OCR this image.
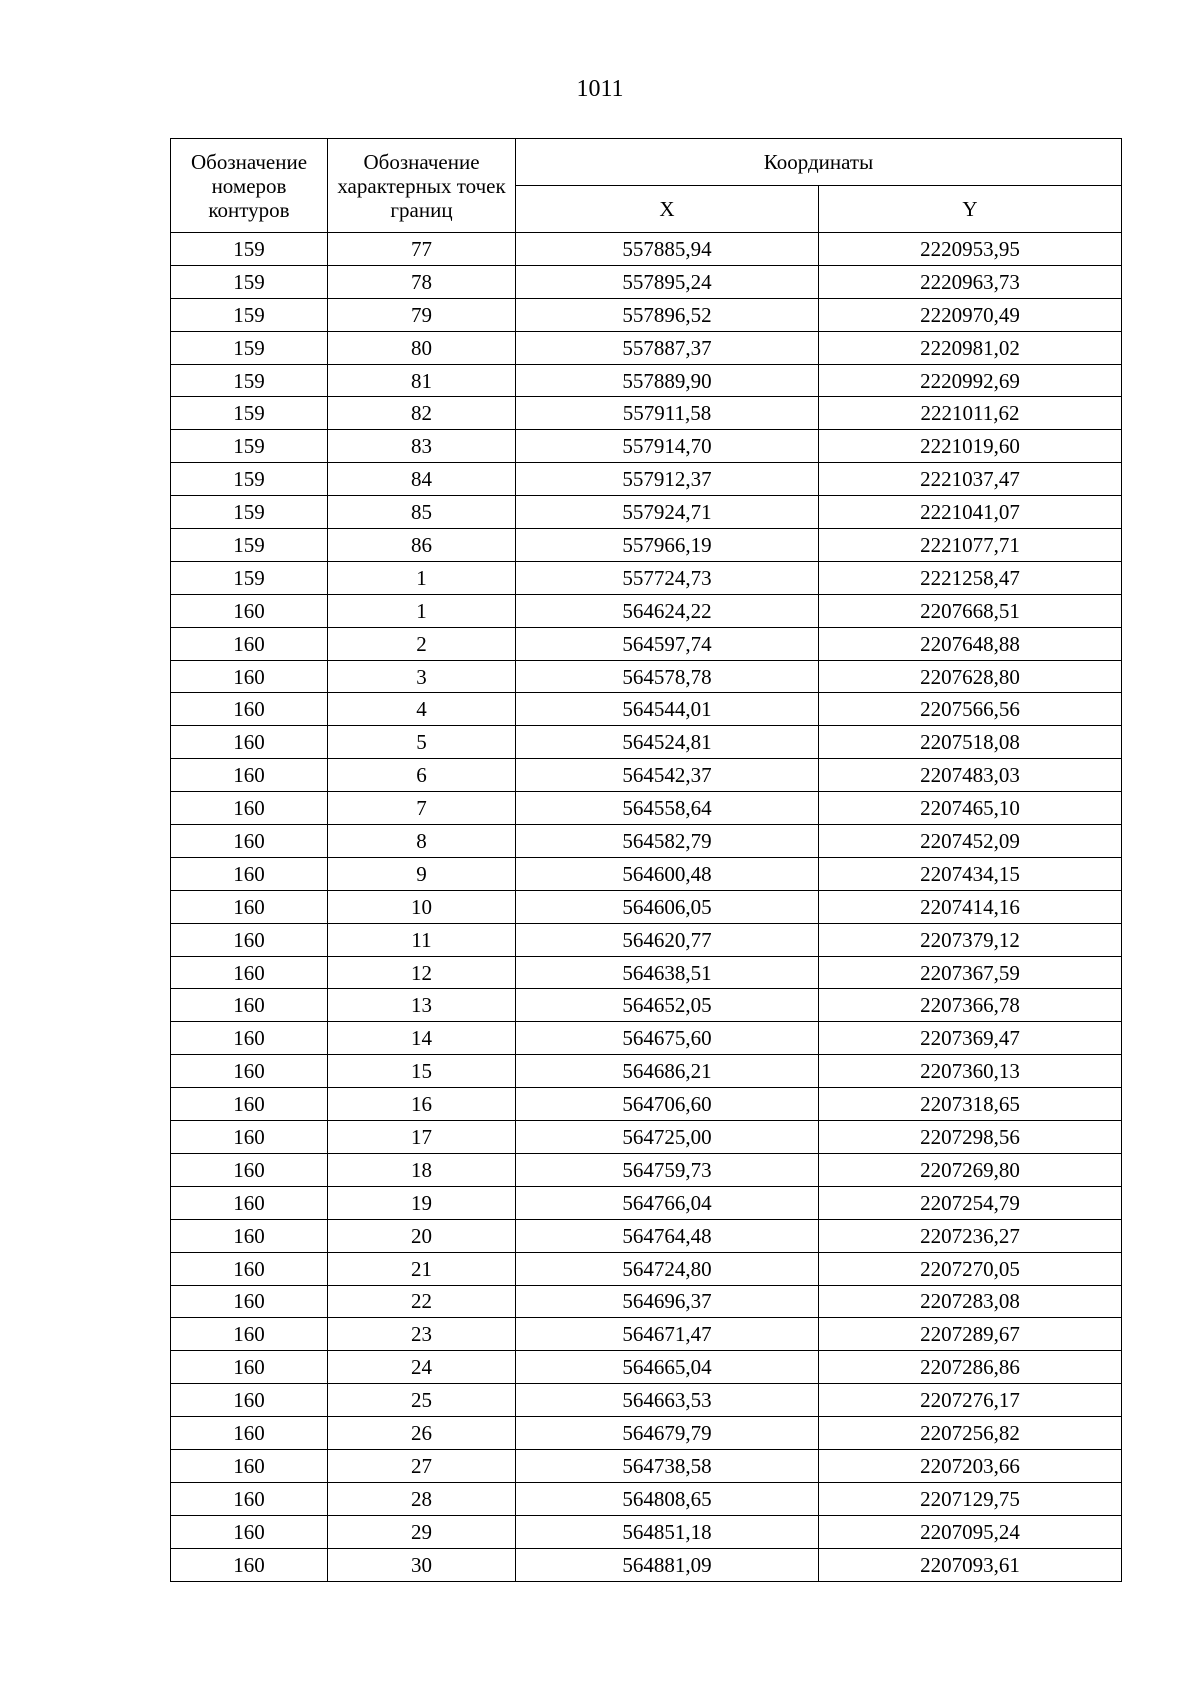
1011
Обозначение номеров контуров	Обозначение характерных точек границ	Координаты	
		X	Y
159	77	557885,94	2220953,95
159	78	557895,24	2220963,73
159	79	557896,52	2220970,49
159	80	557887,37	2220981,02
159	81	557889,90	2220992,69
159	82	557911,58	2221011,62
159	83	557914,70	2221019,60
159	84	557912,37	2221037,47
159	85	557924,71	2221041,07
159	86	557966,19	2221077,71
159	1	557724,73	2221258,47
160	1	564624,22	2207668,51
160	2	564597,74	2207648,88
160	3	564578,78	2207628,80
160	4	564544,01	2207566,56
160	5	564524,81	2207518,08
160	6	564542,37	2207483,03
160	7	564558,64	2207465,10
160	8	564582,79	2207452,09
160	9	564600,48	2207434,15
160	10	564606,05	2207414,16
160	11	564620,77	2207379,12
160	12	564638,51	2207367,59
160	13	564652,05	2207366,78
160	14	564675,60	2207369,47
160	15	564686,21	2207360,13
160	16	564706,60	2207318,65
160	17	564725,00	2207298,56
160	18	564759,73	2207269,80
160	19	564766,04	2207254,79
160	20	564764,48	2207236,27
160	21	564724,80	2207270,05
160	22	564696,37	2207283,08
160	23	564671,47	2207289,67
160	24	564665,04	2207286,86
160	25	564663,53	2207276,17
160	26	564679,79	2207256,82
160	27	564738,58	2207203,66
160	28	564808,65	2207129,75
160	29	564851,18	2207095,24
160	30	564881,09	2207093,61
